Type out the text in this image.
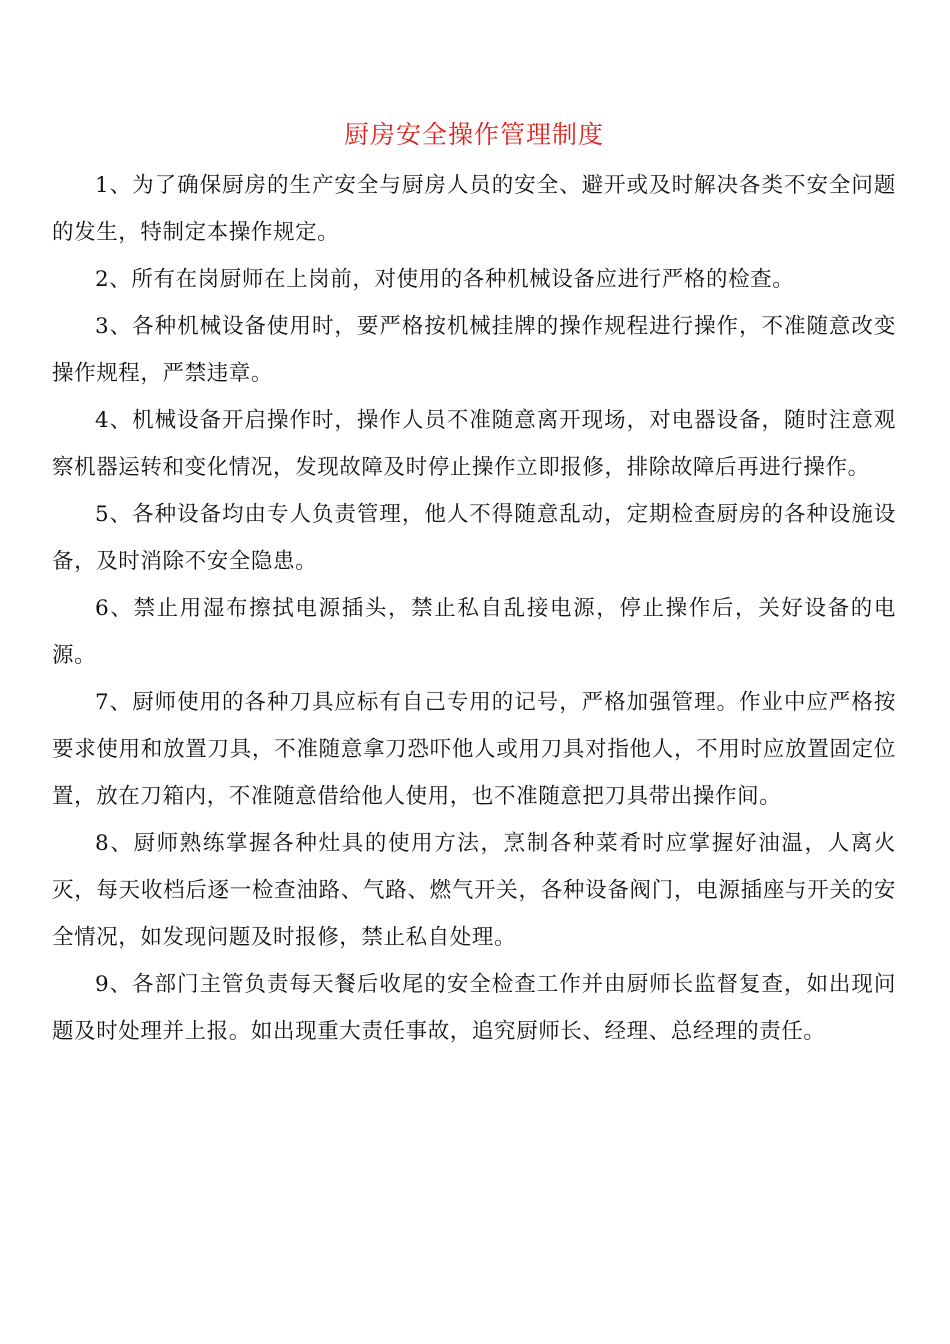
厨房安全操作管理制度

1、为了确保厨房的生产安全与厨房人员的安全、避开或及时解决各类不安全问题的发生，特制定本操作规定。

2、所有在岗厨师在上岗前，对使用的各种机械设备应进行严格的检查。

3、各种机械设备使用时，要严格按机械挂牌的操作规程进行操作，不准随意改变操作规程，严禁违章。

4、机械设备开启操作时，操作人员不准随意离开现场，对电器设备，随时注意观察机器运转和变化情况，发现故障及时停止操作立即报修，排除故障后再进行操作。

5、各种设备均由专人负责管理，他人不得随意乱动，定期检查厨房的各种设施设备，及时消除不安全隐患。

6、禁止用湿布擦拭电源插头，禁止私自乱接电源，停止操作后，关好设备的电源。

7、厨师使用的各种刀具应标有自己专用的记号，严格加强管理。作业中应严格按要求使用和放置刀具，不准随意拿刀恐吓他人或用刀具对指他人，不用时应放置固定位置，放在刀箱内，不准随意借给他人使用，也不准随意把刀具带出操作间。

8、厨师熟练掌握各种灶具的使用方法，烹制各种菜肴时应掌握好油温，人离火灭，每天收档后逐一检查油路、气路、燃气开关，各种设备阀门，电源插座与开关的安全情况，如发现问题及时报修，禁止私自处理。

9、各部门主管负责每天餐后收尾的安全检查工作并由厨师长监督复查，如出现问题及时处理并上报。如出现重大责任事故，追究厨师长、经理、总经理的责任。
